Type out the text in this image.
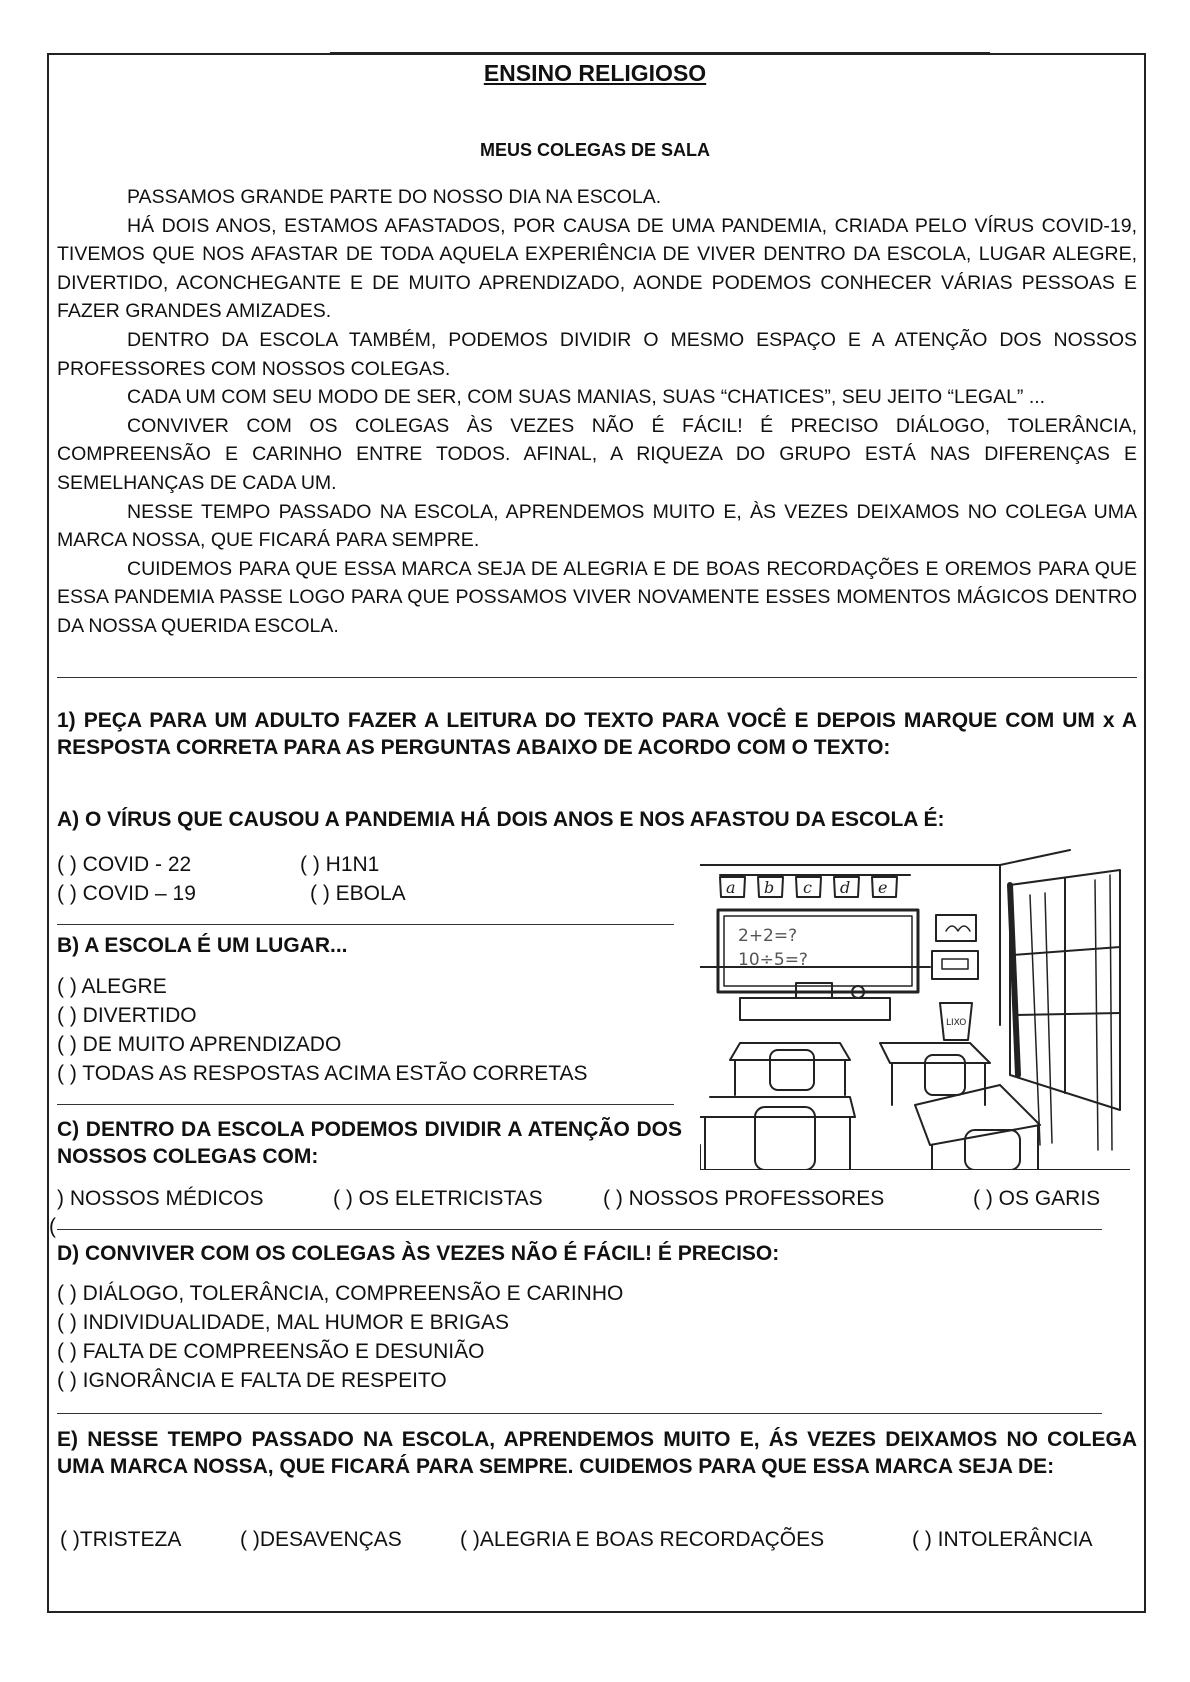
ENSINO RELIGIOSO
MEUS COLEGAS DE SALA

PASSAMOS GRANDE PARTE DO NOSSO DIA NA ESCOLA.

HÁ DOIS ANOS, ESTAMOS AFASTADOS, POR CAUSA DE UMA PANDEMIA, CRIADA PELO VÍRUS COVID-19, TIVEMOS QUE NOS AFASTAR DE TODA AQUELA EXPERIÊNCIA DE VIVER DENTRO DA ESCOLA, LUGAR ALEGRE, DIVERTIDO, ACONCHEGANTE E DE MUITO APRENDIZADO, AONDE PODEMOS CONHECER VÁRIAS PESSOAS E FAZER GRANDES AMIZADES.

DENTRO DA ESCOLA TAMBÉM, PODEMOS DIVIDIR O MESMO ESPAÇO E A ATENÇÃO DOS NOSSOS PROFESSORES COM NOSSOS COLEGAS.

CADA UM COM SEU MODO DE SER, COM SUAS MANIAS, SUAS “CHATICES”, SEU JEITO “LEGAL” ...

CONVIVER COM OS COLEGAS ÀS VEZES NÃO É FÁCIL! É PRECISO DIÁLOGO, TOLERÂNCIA, COMPREENSÃO E CARINHO ENTRE TODOS. AFINAL, A RIQUEZA DO GRUPO ESTÁ NAS DIFERENÇAS E SEMELHANÇAS DE CADA UM.

NESSE TEMPO PASSADO NA ESCOLA, APRENDEMOS MUITO E, ÀS VEZES DEIXAMOS NO COLEGA UMA MARCA NOSSA, QUE FICARÁ PARA SEMPRE.

CUIDEMOS PARA QUE ESSA MARCA SEJA DE ALEGRIA E DE BOAS RECORDAÇÕES E OREMOS PARA QUE ESSA PANDEMIA PASSE LOGO PARA QUE POSSAMOS VIVER NOVAMENTE ESSES MOMENTOS MÁGICOS DENTRO DA NOSSA QUERIDA ESCOLA.

1) PEÇA PARA UM ADULTO FAZER A LEITURA DO TEXTO PARA VOCÊ E DEPOIS MARQUE COM UM x A RESPOSTA CORRETA PARA AS PERGUNTAS ABAIXO DE ACORDO COM O TEXTO:
A) O VÍRUS QUE CAUSOU A PANDEMIA HÁ DOIS ANOS E NOS AFASTOU DA ESCOLA É:
( ) COVID - 22	( ) H1N1
( ) COVID – 19	( ) EBOLA
B) A ESCOLA É UM LUGAR...
( ) ALEGRE
( ) DIVERTIDO
( ) DE MUITO APRENDIZADO
( ) TODAS AS RESPOSTAS ACIMA ESTÃO CORRETAS
C) DENTRO DA ESCOLA PODEMOS DIVIDIR A ATENÇÃO DOS NOSSOS COLEGAS COM:
) NOSSOS MÉDICOS	( ) OS ELETRICISTAS	( ) NOSSOS PROFESSORES	( ) OS GARIS
(
D) CONVIVER COM OS COLEGAS ÀS VEZES NÃO É FÁCIL! É PRECISO:
( ) DIÁLOGO, TOLERÂNCIA, COMPREENSÃO E CARINHO
( ) INDIVIDUALIDADE, MAL HUMOR E BRIGAS
( ) FALTA DE COMPREENSÃO E DESUNIÃO
( ) IGNORÂNCIA E FALTA DE RESPEITO
E) NESSE TEMPO PASSADO NA ESCOLA, APRENDEMOS MUITO E, ÁS VEZES DEIXAMOS NO COLEGA UMA MARCA NOSSA, QUE FICARÁ PARA SEMPRE. CUIDEMOS PARA QUE ESSA MARCA SEJA DE:
( )TRISTEZA	( )DESAVENÇAS	( )ALEGRIA E BOAS RECORDAÇÕES	( ) INTOLERÂNCIA
a b c d e
2+2=?
10÷5=?
LIXO
